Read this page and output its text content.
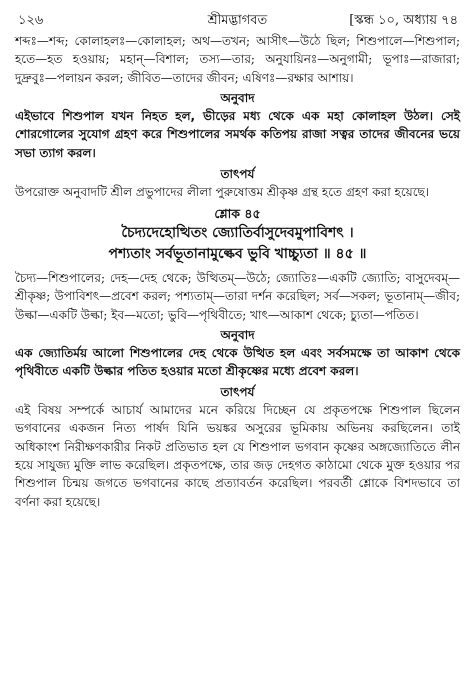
১২৬	শ্রীমদ্ভাগবত	[স্কন্ধ ১০, অধ্যায় ৭৪

শব্দঃ—শব্দ; কোলাহলঃ—কোলাহল; অথ—তখন; আসীৎ—উঠে ছিল; শিশুপালে—শিশুপাল; হতে—হত হওয়ায়; মহান্—বিশাল; তস্য—তার; অনুযায়িনঃ—অনুগামী; ভূপাঃ—রাজারা; দুদ্রুবুঃ—পলায়ন করল; জীবিত—তাদের জীবন; এষিণঃ—রক্ষার আশায়।

অনুবাদ

এইভাবে শিশুপাল যখন নিহত হল, ভীড়ের মধ্য থেকে এক মহা কোলাহল উঠল। সেই শোরগোলের সুযোগ গ্রহণ করে শিশুপালের সমর্থক কতিপয় রাজা সত্বর তাদের জীবনের ভয়ে সভা ত্যাগ করল।

তাৎপর্য

উপরোক্ত অনুবাদটি শ্রীল প্রভুপাদের লীলা পুরুষোত্তম শ্রীকৃষ্ণ গ্রন্থ হতে গ্রহণ করা হয়েছে।

শ্লোক ৪৫
চৈদ্যদেহোত্থিতং জ্যোতির্বাসুদেবমুপাবিশৎ ।
পশ্যতাং সর্বভূতানামুল্কেব ভুবি খাচ্চ্যুতা ॥ ৪৫ ॥

চৈদ্য—শিশুপালের; দেহ—দেহ থেকে; উত্থিতম্—উঠে; জ্যোতিঃ—একটি জ্যোতি; বাসুদেবম্—শ্রীকৃষ্ণ; উপাবিশৎ—প্রবেশ করল; পশ্যতাম্—তারা দর্শন করেছিল; সর্ব—সকল; ভূতানাম্—জীব; উল্কা—একটি উল্কা; ইব—মতো; ভুবি—পৃথিবীতে; খাৎ—আকাশ থেকে; চ্যুতা—পতিত।

অনুবাদ

এক জ্যোতির্ময় আলো শিশুপালের দেহ থেকে উত্থিত হল এবং সর্বসমক্ষে তা আকাশ থেকে পৃথিবীতে একটি উল্কার পতিত হওয়ার মতো শ্রীকৃষ্ণের মধ্যে প্রবেশ করল।

তাৎপর্য

এই বিষয় সম্পর্কে আচার্য আমাদের মনে করিয়ে দিচ্ছেন যে প্রকৃতপক্ষে শিশুপাল ছিলেন ভগবানের একজন নিত্য পার্ষদ যিনি ভয়ঙ্কর অসুরের ভূমিকায় অভিনয় করছিলেন। তাই অধিকাংশ নিরীক্ষণকারীর নিকট প্রতিভাত হল যে শিশুপাল ভগবান কৃষ্ণের অঙ্গজ্যোতিতে লীন হয়ে সাযুজ্য মুক্তি লাভ করেছিল। প্রকৃতপক্ষে, তার জড় দেহগত কাঠামো থেকে মুক্ত হওয়ার পর শিশুপাল চিন্ময় জগতে ভগবানের কাছে প্রত্যাবর্তন করেছিল। পরবর্তী শ্লোকে বিশদভাবে তা বর্ণনা করা হয়েছে।
